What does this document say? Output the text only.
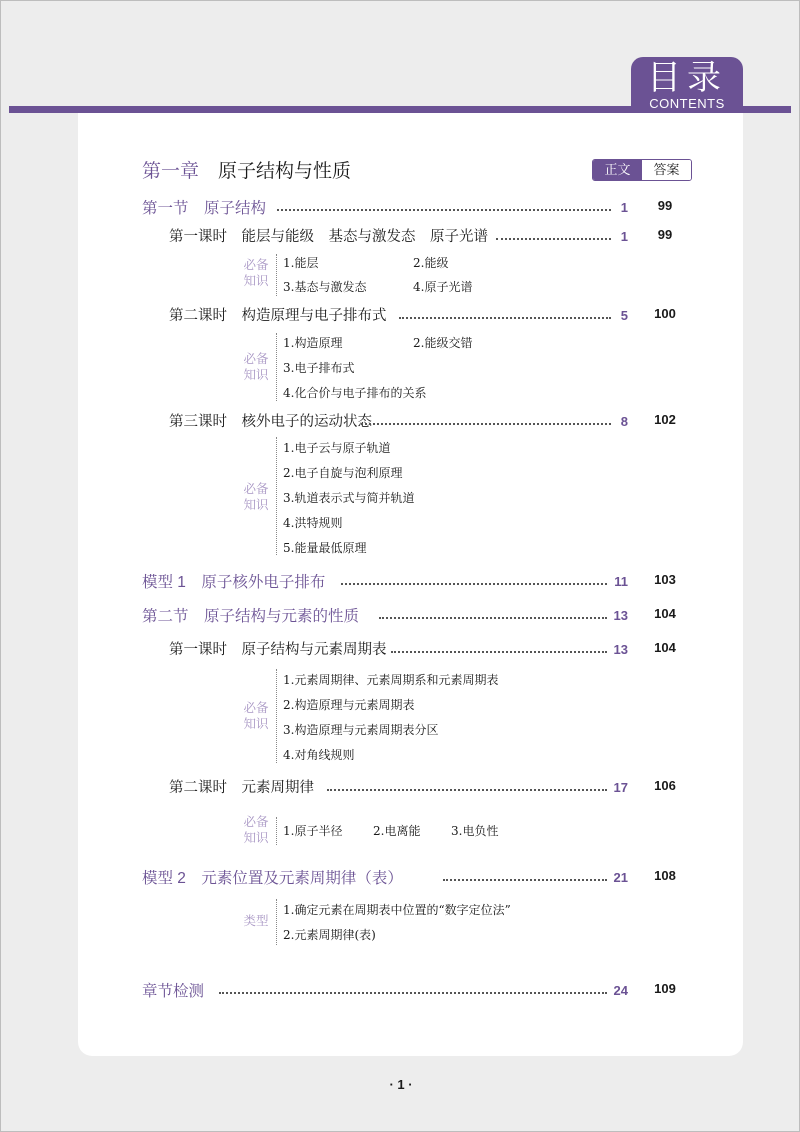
目录
CONTENTS
第一章　原子结构与性质	正文	答案
第一节　原子结构	1	99
第一课时　能层与能级　基态与激发态　原子光谱	1	99
必备
知识
1.能层	2.能级
3.基态与激发态	4.原子光谱
第二课时　构造原理与电子排布式	5	100
必备
知识
1.构造原理	2.能级交错
3.电子排布式
4.化合价与电子排布的关系
第三课时　核外电子的运动状态	8	102
必备
知识
1.电子云与原子轨道
2.电子自旋与泡利原理
3.轨道表示式与简并轨道
4.洪特规则
5.能量最低原理
模型 1　原子核外电子排布	11	103
第二节　原子结构与元素的性质	13	104
第一课时　原子结构与元素周期表	13	104
必备
知识
1.元素周期律、元素周期系和元素周期表
2.构造原理与元素周期表
3.构造原理与元素周期表分区
4.对角线规则
第二课时　元素周期律	17	106
必备
知识 1.原子半径	2.电离能	3.电负性
模型 2　元素位置及元素周期律（表）	21	108
类型
1.确定元素在周期表中位置的“数字定位法”
2.元素周期律(表)
章节检测	24	109
· 1 ·
